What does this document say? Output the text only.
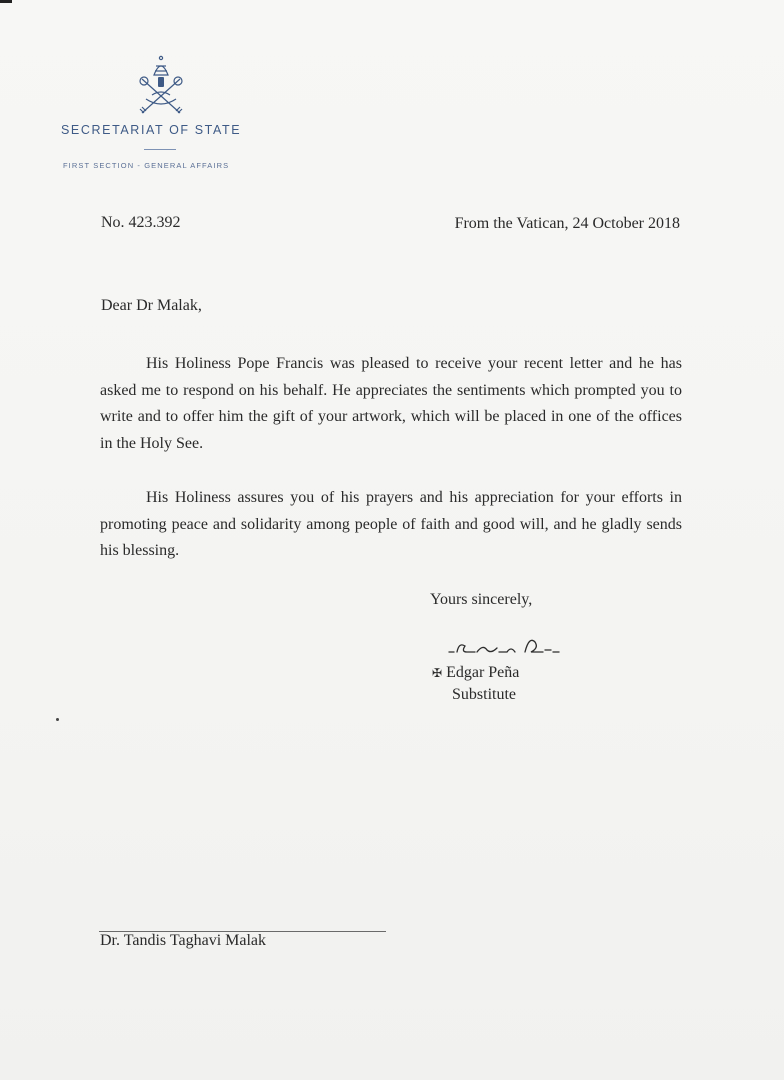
SECRETARIAT OF STATE
FIRST SECTION - GENERAL AFFAIRS
No. 423.392	From the Vatican, 24 October 2018
Dear Dr Malak,

His Holiness Pope Francis was pleased to receive your recent letter and he has asked me to respond on his behalf. He appreciates the sentiments which prompted you to write and to offer him the gift of your artwork, which will be placed in one of the offices in the Holy See.

His Holiness assures you of his prayers and his appreciation for your efforts in promoting peace and solidarity among people of faith and good will, and he gladly sends his blessing.

Yours sincerely,
✠ Edgar Peña
Substitute
Dr. Tandis Taghavi Malak
